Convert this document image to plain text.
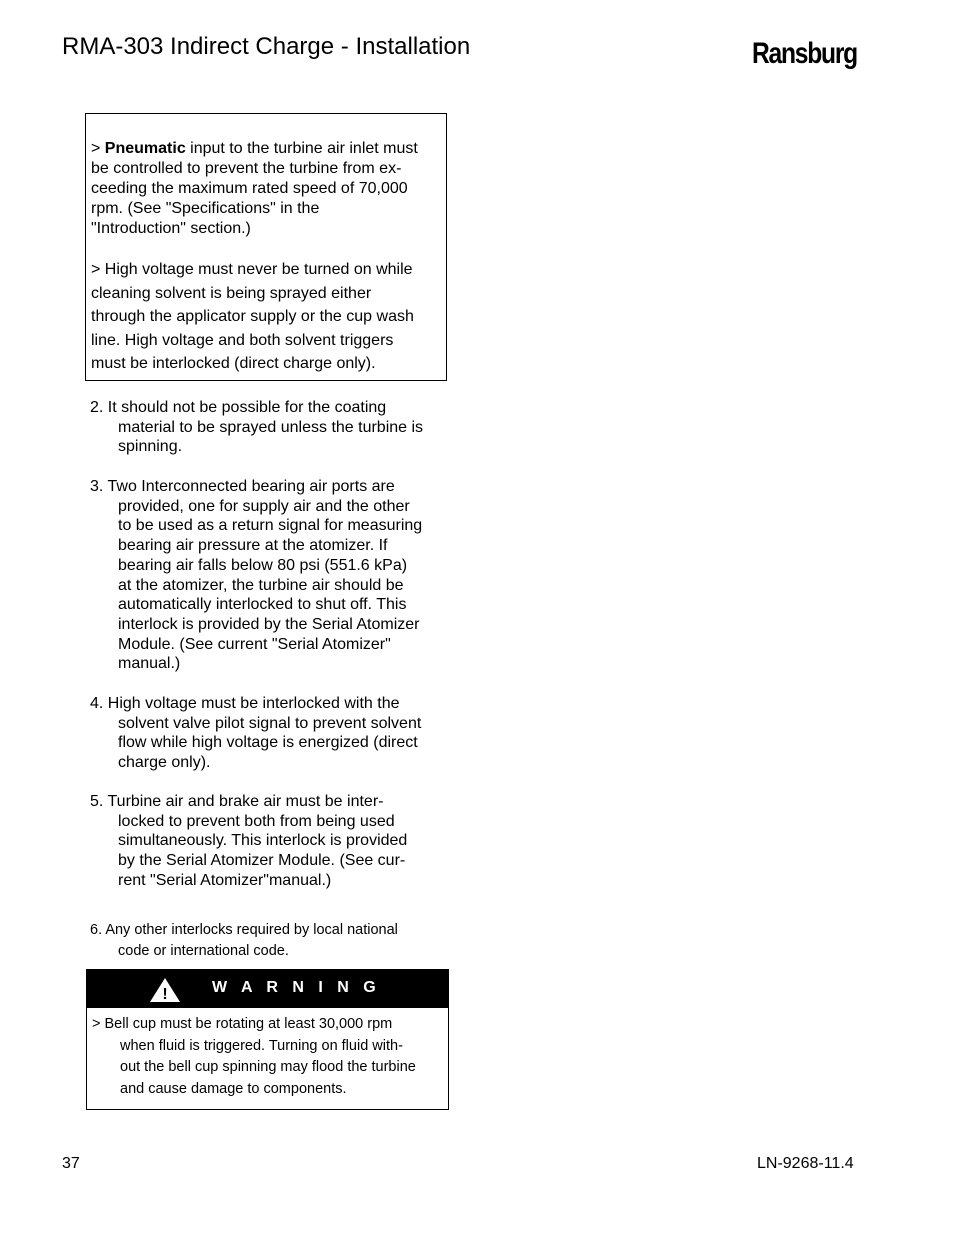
RMA-303 Indirect Charge - Installation	Ransburg
> Pneumatic input to the turbine air inlet must
be controlled to prevent the turbine from ex-
ceeding the maximum rated speed of 70,000
rpm. (See "Specifications" in the
"Introduction" section.)
> High voltage must never be turned on while
cleaning solvent is being sprayed either
through the applicator supply or the cup wash
line. High voltage and both solvent triggers
must be interlocked (direct charge only).
2. It should not be possible for the coating
material to be sprayed unless the turbine is
spinning.
3. Two Interconnected bearing air ports are
provided, one for supply air and the other
to be used as a return signal for measuring
bearing air pressure at the atomizer. If
bearing air falls below 80 psi (551.6 kPa)
at the atomizer, the turbine air should be
automatically interlocked to shut off. This
interlock is provided by the Serial Atomizer
Module. (See current "Serial Atomizer"
manual.)
4. High voltage must be interlocked with the
solvent valve pilot signal to prevent solvent
flow while high voltage is energized (direct
charge only).
5. Turbine air and brake air must be inter-
locked to prevent both from being used
simultaneously. This interlock is provided
by the Serial Atomizer Module. (See cur-
rent "Serial Atomizer"manual.)
6. Any other interlocks required by local national
code or international code.
!	W A R N I N G
> Bell cup must be rotating at least 30,000 rpm
when fluid is triggered. Turning on fluid with-
out the bell cup spinning may flood the turbine
and cause damage to components.
37	LN-9268-11.4
